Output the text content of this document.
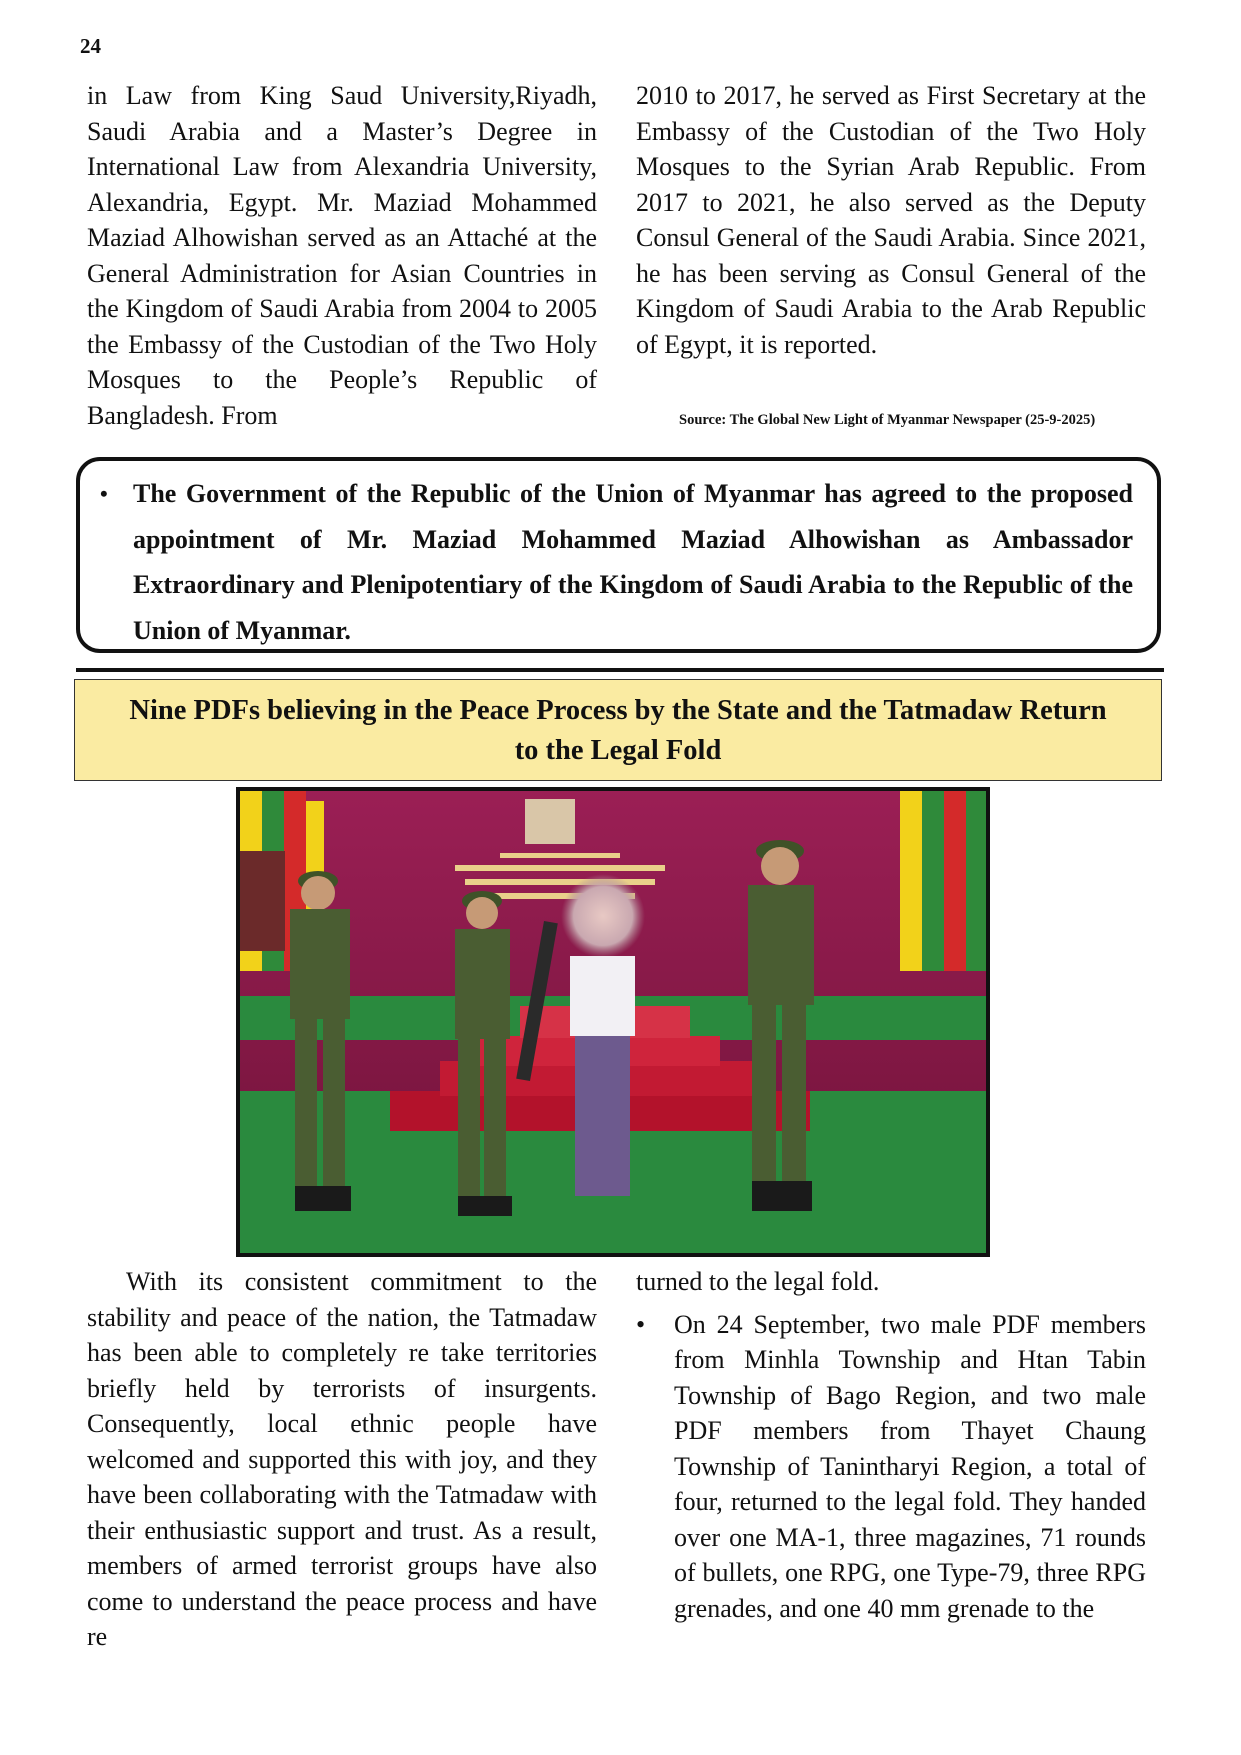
24

in Law from King Saud University,Riyadh, Saudi Arabia and a Master’s Degree in International Law from Alexandria University, Alexandria, Egypt. Mr. Maziad Mohammed Maziad Alhowishan served as an Attaché at the General Administration for Asian Countries in the Kingdom of Saudi Arabia from 2004 to 2005 the Embassy of the Custodian of the Two Holy Mosques to the People’s Republic of Bangladesh. From

2010 to 2017, he served as First Secretary at the Embassy of the Custodian of the Two Holy Mosques to the Syrian Arab Republic. From 2017 to 2021, he also served as the Deputy Consul General of the Saudi Arabia. Since 2021, he has been serving as Consul General of the Kingdom of Saudi Arabia to the Arab Republic of Egypt, it is reported.

Source: The Global New Light of Myanmar Newspaper (25-9-2025)
• The Government of the Republic of the Union of Myanmar has agreed to the proposed appointment of Mr. Maziad Mohammed Maziad Alhowishan as Ambassador Extraordinary and Plenipotentiary of the Kingdom of Saudi Arabia to the Republic of the Union of Myanmar.
Nine PDFs believing in the Peace Process by the State and the Tatmadaw Return
to the Legal Fold

With its consistent commitment to the stability and peace of the nation, the Tatmadaw has been able to completely re take territories briefly held by terrorists of insurgents. Consequently, local ethnic people have welcomed and supported this with joy, and they have been collaborating with the Tatmadaw with their enthusiastic support and trust. As a result, members of armed terrorist groups have also come to understand the peace process and have re

turned to the legal fold.

• On 24 September, two male PDF members from Minhla Township and Htan Tabin Township of Bago Region, and two male PDF members from Thayet Chaung Township of Tanintharyi Region, a total of four, returned to the legal fold. They handed over one MA-1, three magazines, 71 rounds of bullets, one RPG, one Type-79, three RPG grenades, and one 40 mm grenade to the
